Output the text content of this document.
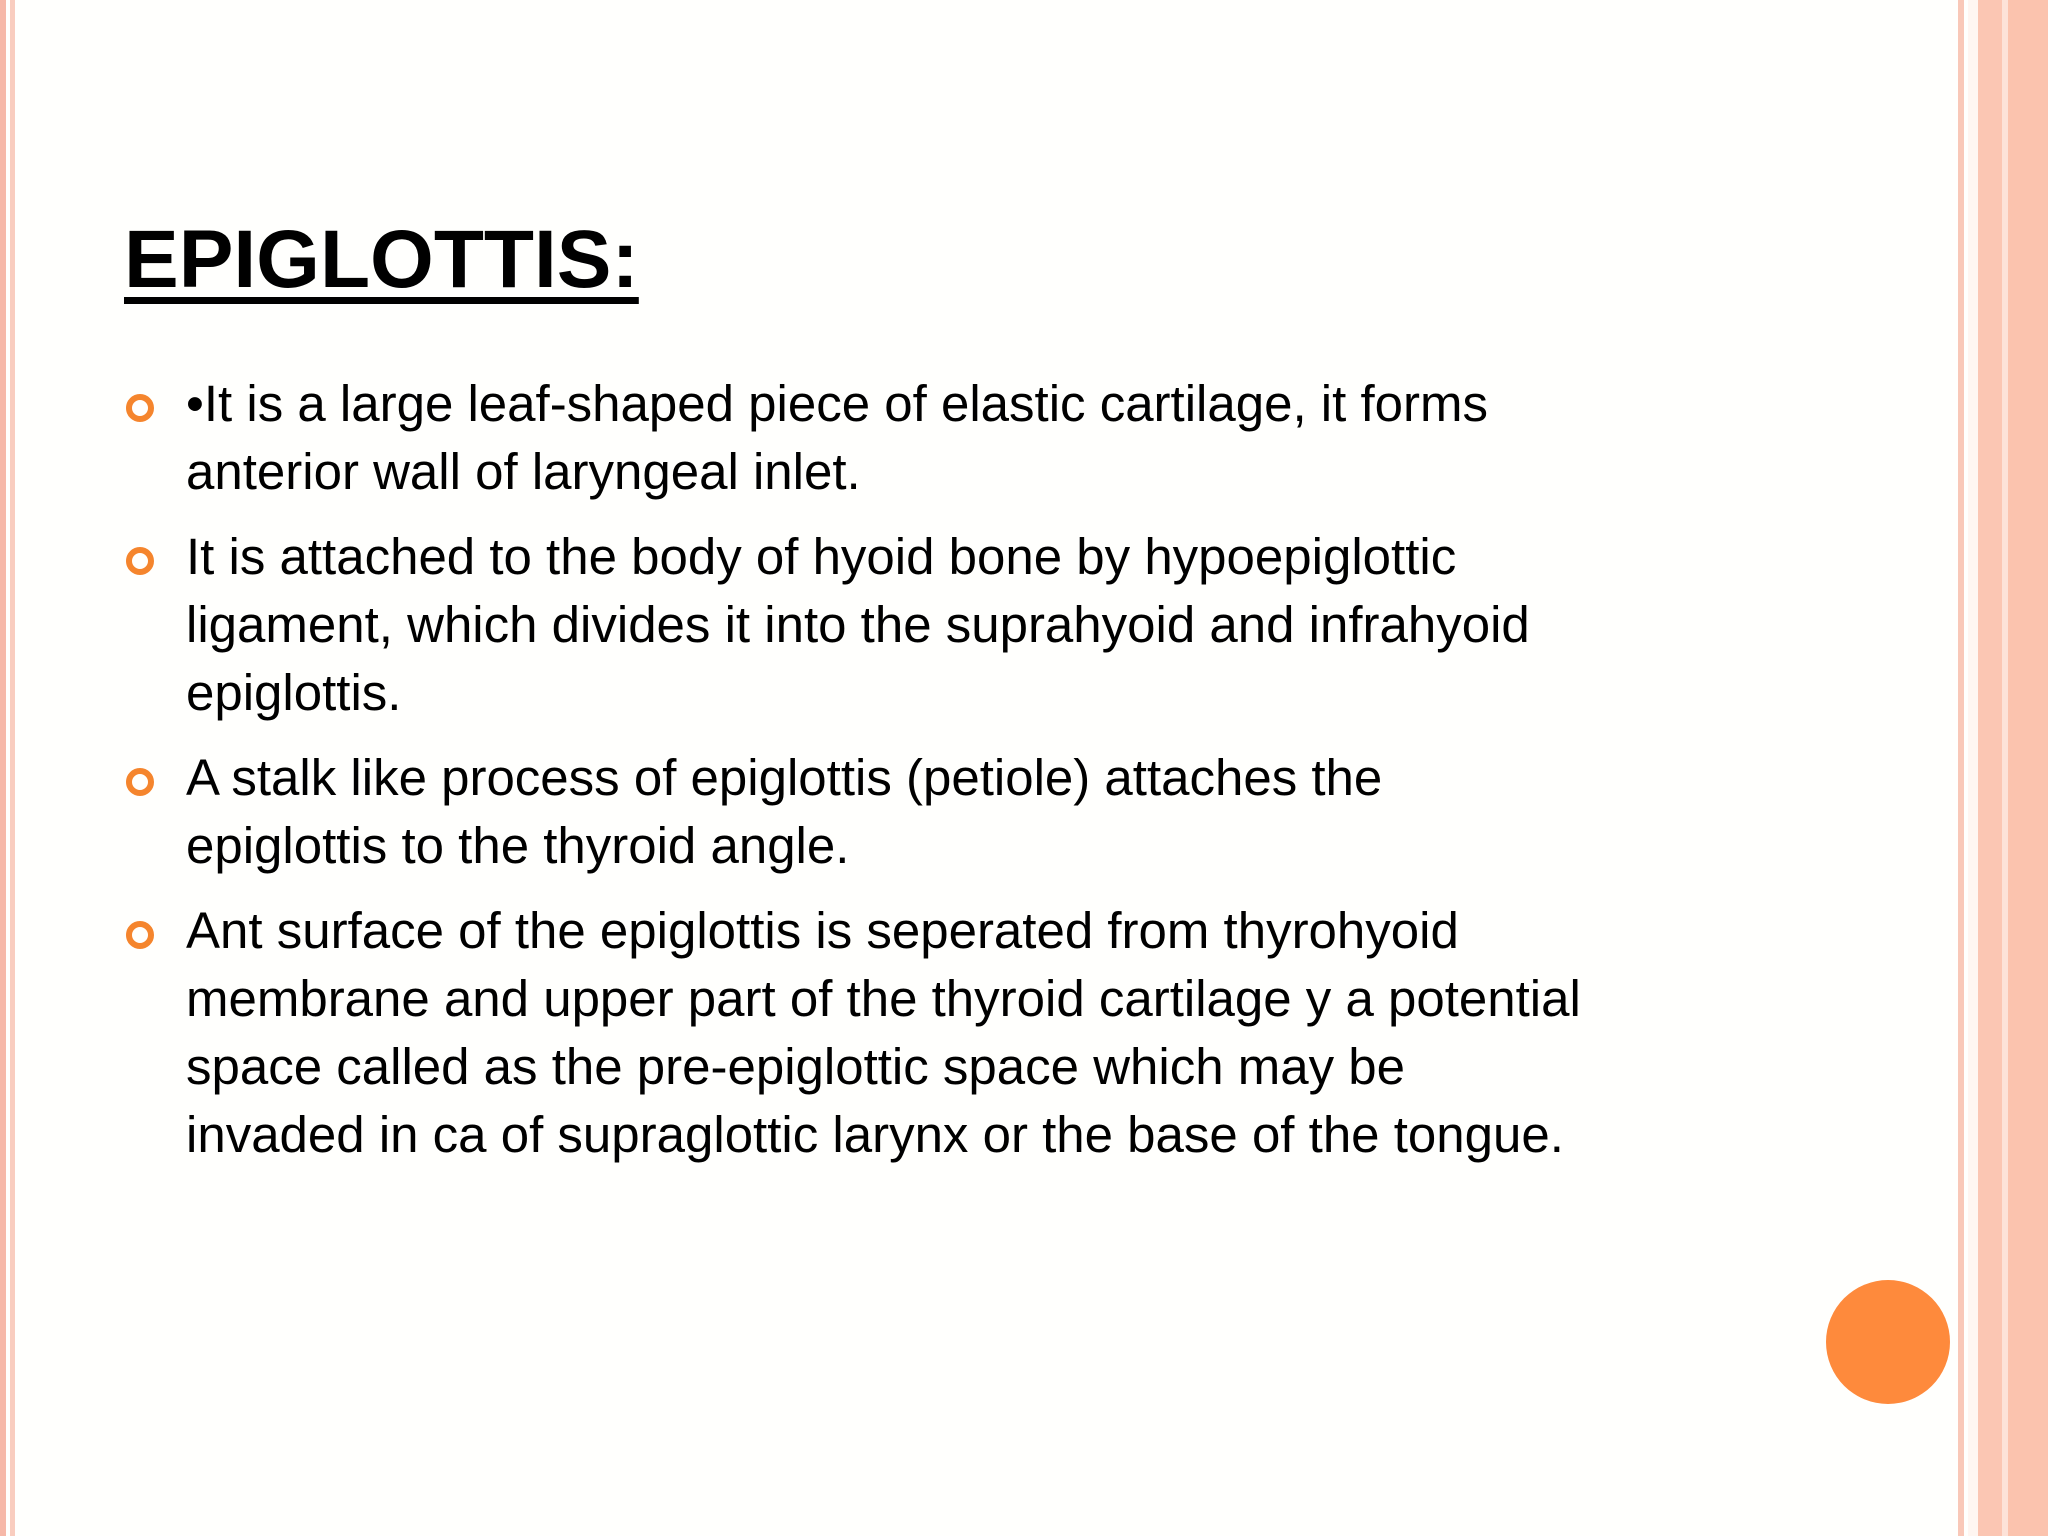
EPIGLOTTIS:
•It is a large leaf-shaped piece of elastic cartilage, it forms
anterior wall of laryngeal inlet.
It is attached to the body of hyoid bone by hypoepiglottic
ligament, which divides it into the suprahyoid and infrahyoid
epiglottis.
A stalk like process of epiglottis (petiole) attaches the
epiglottis to the thyroid angle.
Ant surface of the epiglottis is seperated from thyrohyoid
membrane and upper part of the thyroid cartilage y a potential
space called as the pre-epiglottic space which may be
invaded in ca of supraglottic larynx or the base of the tongue.
